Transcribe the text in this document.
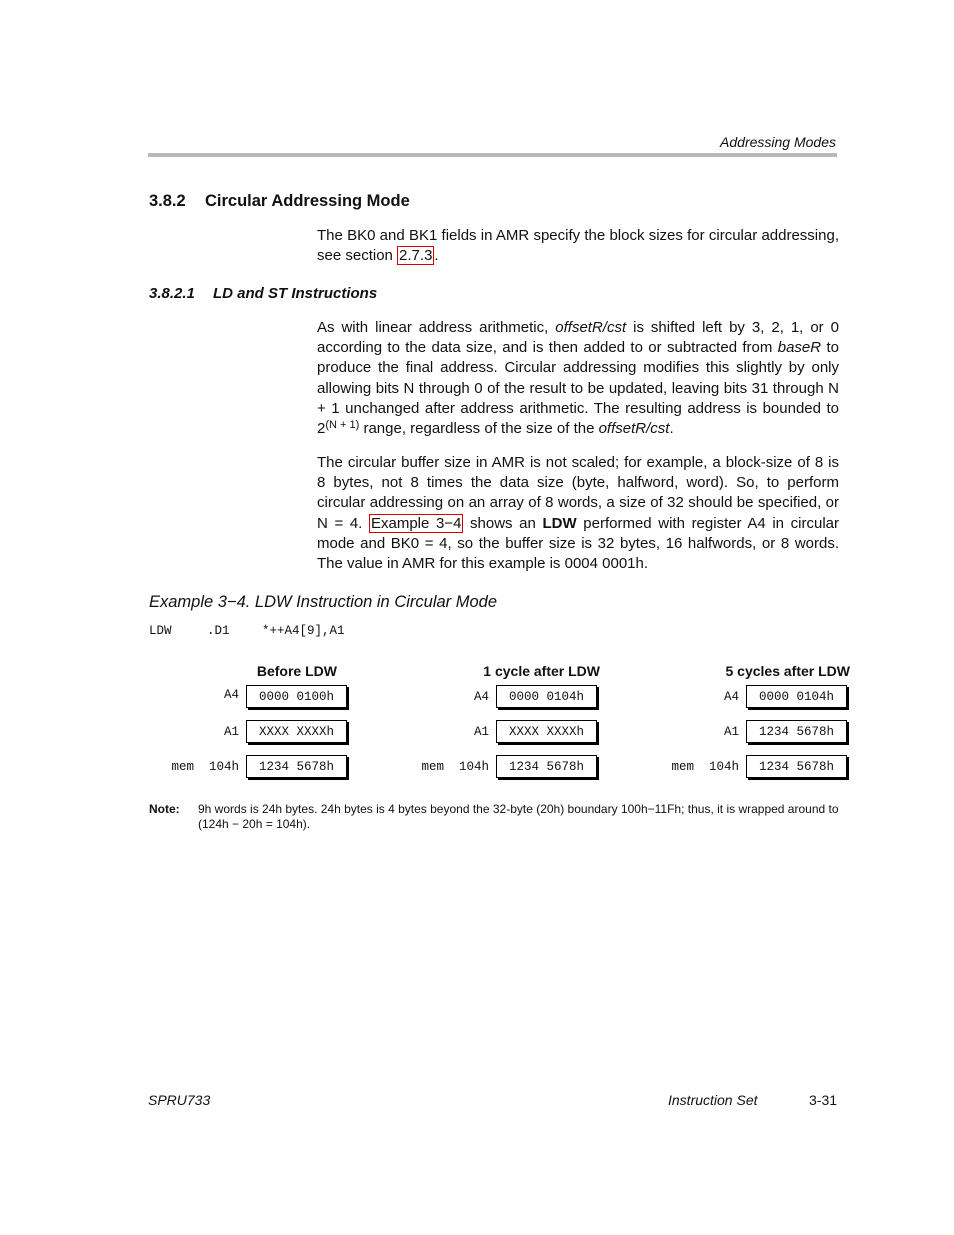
Addressing Modes
3.8.2 Circular Addressing Mode
The BK0 and BK1 fields in AMR specify the block sizes for circular addressing, see section 2.7.3 .
3.8.2.1 LD and ST Instructions
As with linear address arithmetic, offsetR/cst is shifted left by 3, 2, 1, or 0 according to the data size, and is then added to or subtracted from baseR to produce the final address. Circular addressing modifies this slightly by only allowing bits N through 0 of the result to be updated, leaving bits 31 through N + 1 unchanged after address arithmetic. The resulting address is bounded to $2^{(N + 1)}$ range, regardless of the size of the offsetR/cst.
The circular buffer size in AMR is not scaled; for example, a block-size of 8 is 8 bytes, not 8 times the data size (byte, halfword, word). So, to perform circular addressing on an array of 8 words, a size of 32 should be specified, or N = 4. Example 3−4 shows an LDW performed with register A4 in circular mode and BK0 = 4, so the buffer size is 32 bytes, 16 halfwords, or 8 words. The value in AMR for this example is 0004 0001h.
Example 3−4. LDW Instruction in Circular Mode
LDW	.D1	*++A4[9],A1
Before LDW
A4	0000 0100h
A1	XXXX XXXXh
mem  104h	1234 5678h
1 cycle after LDW
A4	0000 0104h
A1	XXXX XXXXh
mem  104h	1234 5678h
5 cycles after LDW
A4	0000 0104h
A1	1234 5678h
mem  104h	1234 5678h
Note: 9h words is 24h bytes. 24h bytes is 4 bytes beyond the 32-byte (20h) boundary 100h−11Fh; thus, it is wrapped around to (124h − 20h = 104h).
SPRU733	Instruction Set	3-31
